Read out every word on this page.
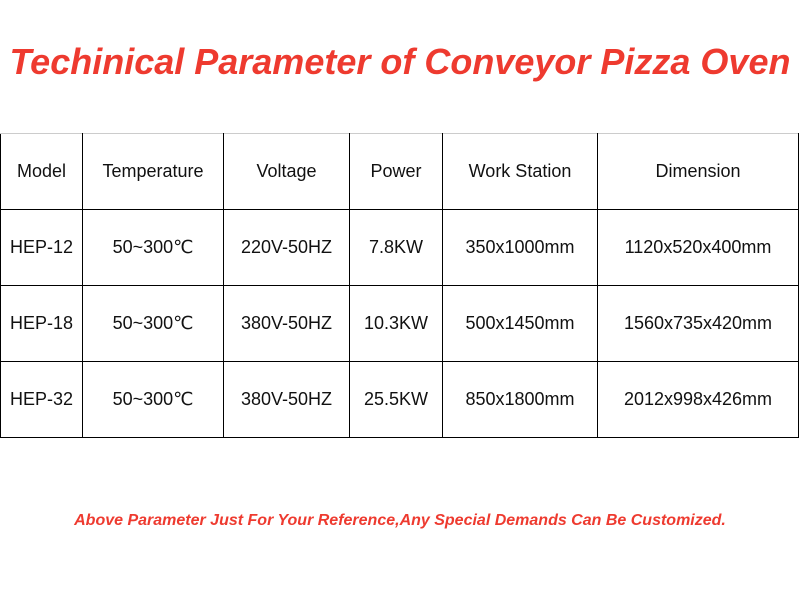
Techinical Parameter of Conveyor Pizza Oven
Model	Temperature	Voltage	Power	Work Station	Dimension
HEP-12	50~300℃	220V-50HZ	7.8KW	350x1000mm	1120x520x400mm
HEP-18	50~300℃	380V-50HZ	10.3KW	500x1450mm	1560x735x420mm
HEP-32	50~300℃	380V-50HZ	25.5KW	850x1800mm	2012x998x426mm

Above Parameter Just For Your Reference,Any Special Demands Can Be Customized.
